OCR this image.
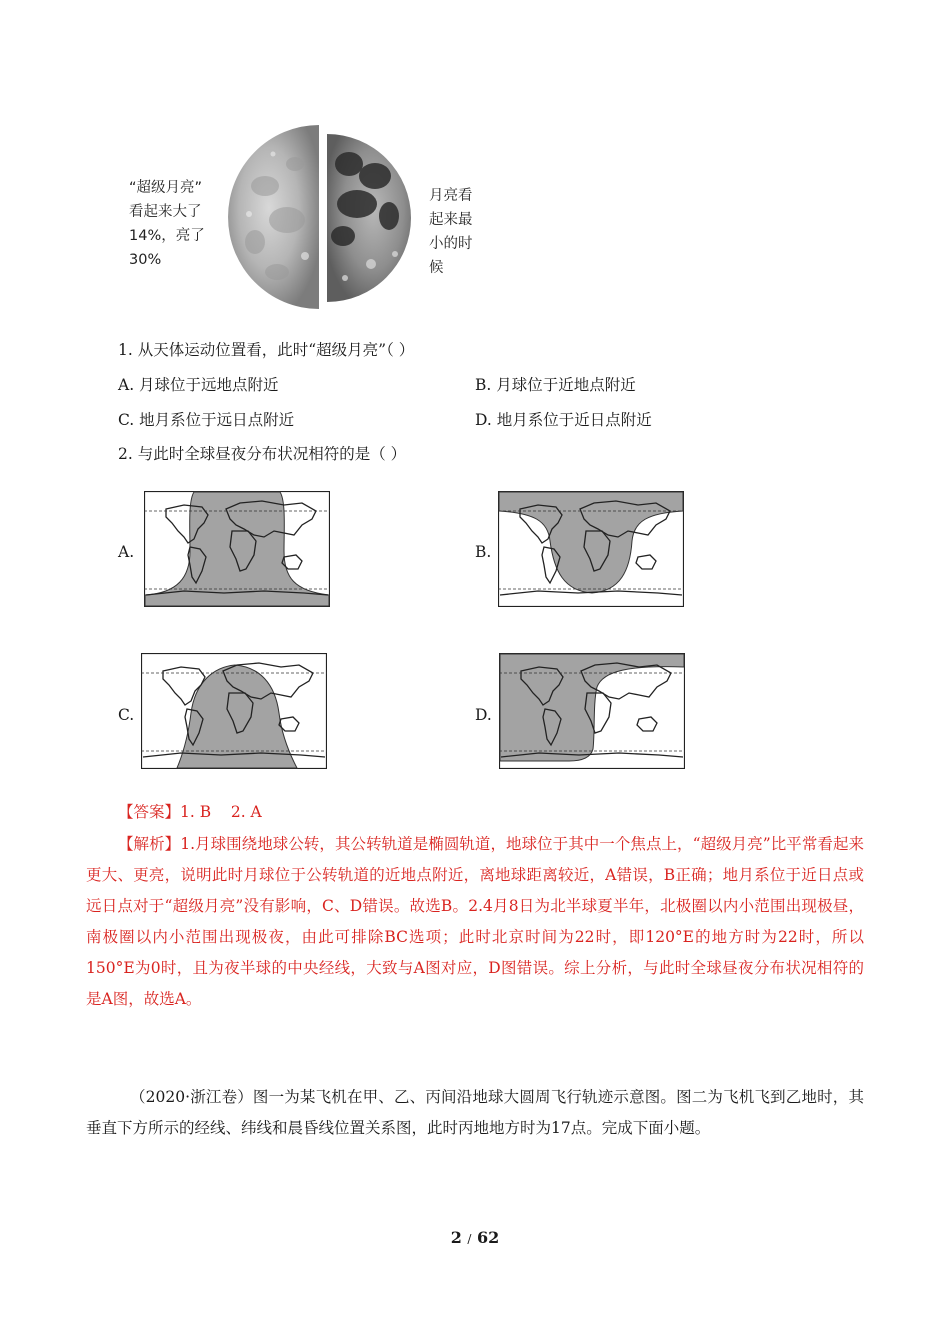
“超级月亮”
看起来大了
14%，亮了
30%
月亮看
起来最
小的时
候
1. 从天体运动位置看，此时“超级月亮”（ ）
A. 月球位于远地点附近	B. 月球位于近地点附近
C. 地月系位于远日点附近	D. 地月系位于近日点附近
2. 与此时全球昼夜分布状况相符的是（ ）
A.	B.
C.	D.
【答案】1. B    2. A
【解析】1.月球围绕地球公转，其公转轨道是椭圆轨道，地球位于其中一个焦点上，“超级月亮”比平常看起来更大、更亮，说明此时月球位于公转轨道的近地点附近，离地球距离较近，A错误，B正确；地月系位于近日点或远日点对于“超级月亮”没有影响，C、D错误。故选B。2.4月8日为北半球夏半年，北极圈以内小范围出现极昼，南极圈以内小范围出现极夜，由此可排除BC选项；此时北京时间为22时，即120°E的地方时为22时，所以150°E为0时，且为夜半球的中央经线，大致与A图对应，D图错误。综上分析，与此时全球昼夜分布状况相符的是A图，故选A。
（2020·浙江卷）图一为某飞机在甲、乙、丙间沿地球大圆周飞行轨迹示意图。图二为飞机飞到乙地时，其垂直下方所示的经线、纬线和晨昏线位置关系图，此时丙地地方时为17点。完成下面小题。
2 / 62
